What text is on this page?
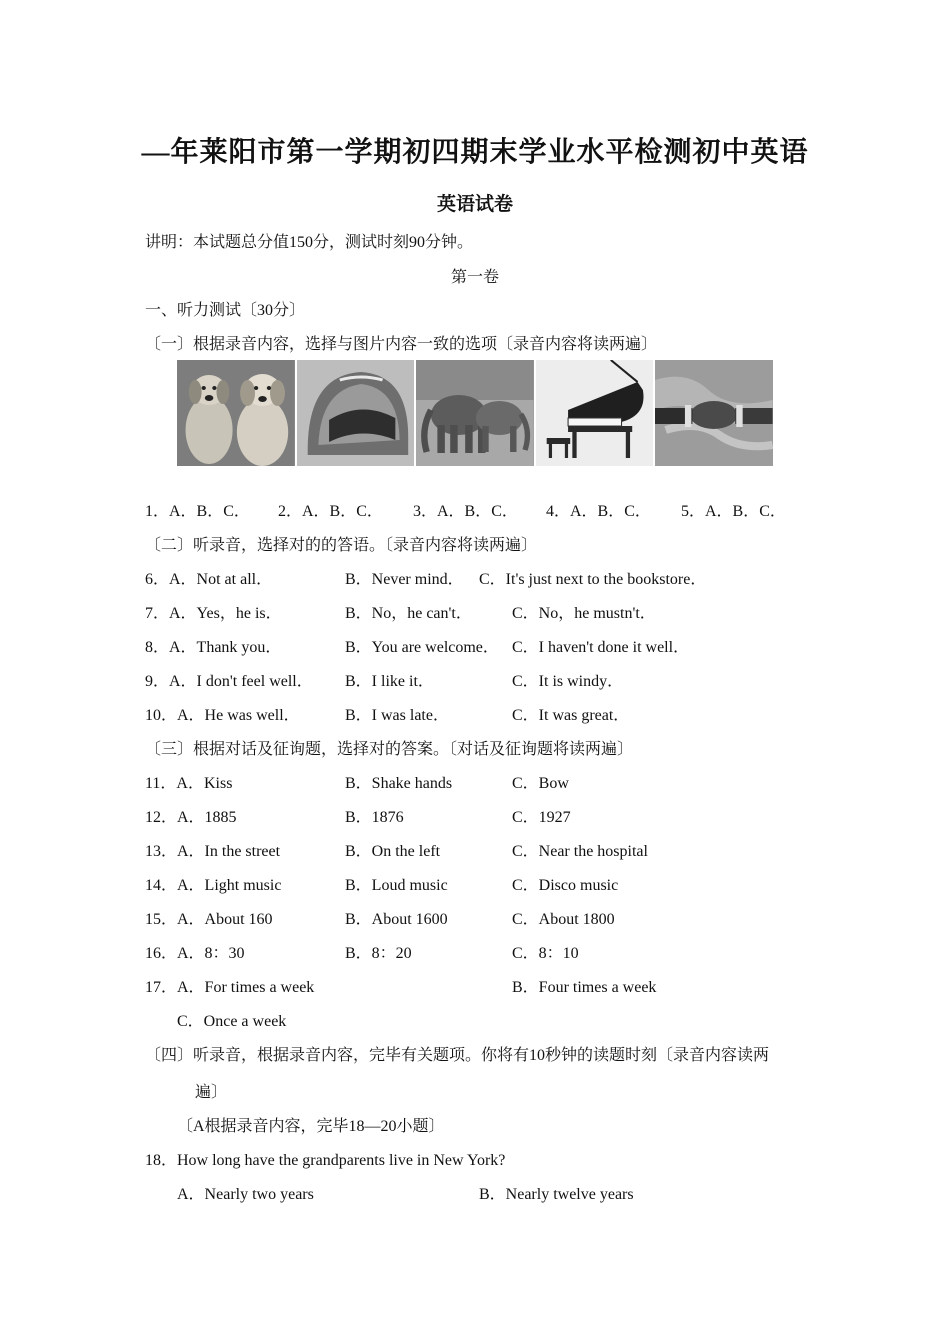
—年莱阳市第一学期初四期末学业水平检测初中英语
英语试卷
讲明：本试题总分值150分，测试时刻90分钟。
第一卷
一、听力测试〔30分〕
〔一〕根据录音内容，选择与图片内容一致的选项〔录音内容将读两遍〕
1．A．B．C． 2．A．B．C． 3．A．B．C． 4．A．B．C． 5．A．B．C．
〔二〕听录音，选择对的的答语。〔录音内容将读两遍〕
6．A．Not at all．	B．Never mind． C．It's just next to the bookstore．
7．A．Yes，he is．	B．No，he can't．	C．No，he mustn't．
8．A．Thank you．	B．You are welcome． C．I haven't done it well．
9．A．I don't feel well． B．I like it．	C．It is windy．
10．A．He was well．	B．I was late．	C．It was great．
〔三〕根据对话及征询题，选择对的答案。〔对话及征询题将读两遍〕
11．A．Kiss	B．Shake hands	C．Bow
12．A．1885	B．1876	C．1927
13．A．In the street	B．On the left	C．Near the hospital
14．A．Light music	B．Loud music	C．Disco music
15．A．About 160	B．About 1600	C．About 1800
16．A．8：30	B．8：20	C．8：10
17．A．For times a week	B．Four times a week
C．Once a week
〔四〕听录音，根据录音内容，完毕有关题项。你将有10秒钟的读题时刻〔录音内容读两
遍〕
〔A根据录音内容，完毕18—20小题〕
18．How long have the grandparents live in New York?
A．Nearly two years	B．Nearly twelve years
